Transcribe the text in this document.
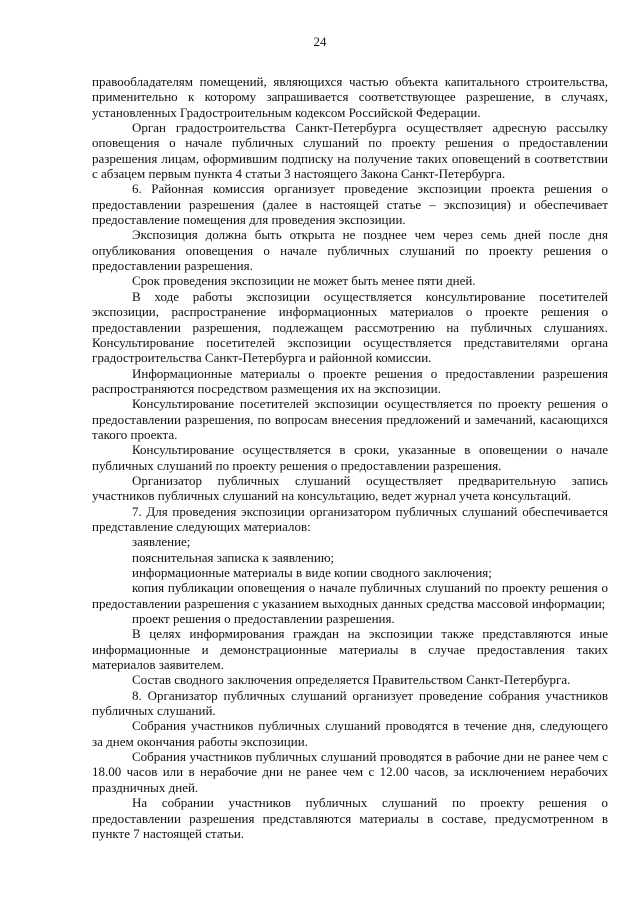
24

правообладателям помещений, являющихся частью объекта капитального строительства, применительно к которому запрашивается соответствующее разрешение, в случаях, установленных Градостроительным кодексом Российской Федерации.

Орган градостроительства Санкт-Петербурга осуществляет адресную рассылку оповещения о начале публичных слушаний по проекту решения о предоставлении разрешения лицам, оформившим подписку на получение таких оповещений в соответствии с абзацем первым пункта 4 статьи 3 настоящего Закона Санкт-Петербурга.

6. Районная комиссия организует проведение экспозиции проекта решения о предоставлении разрешения (далее в настоящей статье – экспозиция) и обеспечивает предоставление помещения для проведения экспозиции.

Экспозиция должна быть открыта не позднее чем через семь дней после дня опубликования оповещения о начале публичных слушаний по проекту решения о предоставлении разрешения.

Срок проведения экспозиции не может быть менее пяти дней.

В ходе работы экспозиции осуществляется консультирование посетителей экспозиции, распространение информационных материалов о проекте решения о предоставлении разрешения, подлежащем рассмотрению на публичных слушаниях. Консультирование посетителей экспозиции осуществляется представителями органа градостроительства Санкт-Петербурга и районной комиссии.

Информационные материалы о проекте решения о предоставлении разрешения распространяются посредством размещения их на экспозиции.

Консультирование посетителей экспозиции осуществляется по проекту решения о предоставлении разрешения, по вопросам внесения предложений и замечаний, касающихся такого проекта.

Консультирование осуществляется в сроки, указанные в оповещении о начале публичных слушаний по проекту решения о предоставлении разрешения.

Организатор публичных слушаний осуществляет предварительную запись участников публичных слушаний на консультацию, ведет журнал учета консультаций.

7. Для проведения экспозиции организатором публичных слушаний обеспечивается представление следующих материалов:

заявление;

пояснительная записка к заявлению;

информационные материалы в виде копии сводного заключения;

копия публикации оповещения о начале публичных слушаний по проекту решения о предоставлении разрешения с указанием выходных данных средства массовой информации;

проект решения о предоставлении разрешения.

В целях информирования граждан на экспозиции также представляются иные информационные и демонстрационные материалы в случае предоставления таких материалов заявителем.

Состав сводного заключения определяется Правительством Санкт-Петербурга.

8. Организатор публичных слушаний организует проведение собрания участников публичных слушаний.

Собрания участников публичных слушаний проводятся в течение дня, следующего за днем окончания работы экспозиции.

Собрания участников публичных слушаний проводятся в рабочие дни не ранее чем с 18.00 часов или в нерабочие дни не ранее чем с 12.00 часов, за исключением нерабочих праздничных дней.

На собрании участников публичных слушаний по проекту решения о предоставлении разрешения представляются материалы в составе, предусмотренном в пункте 7 настоящей статьи.
